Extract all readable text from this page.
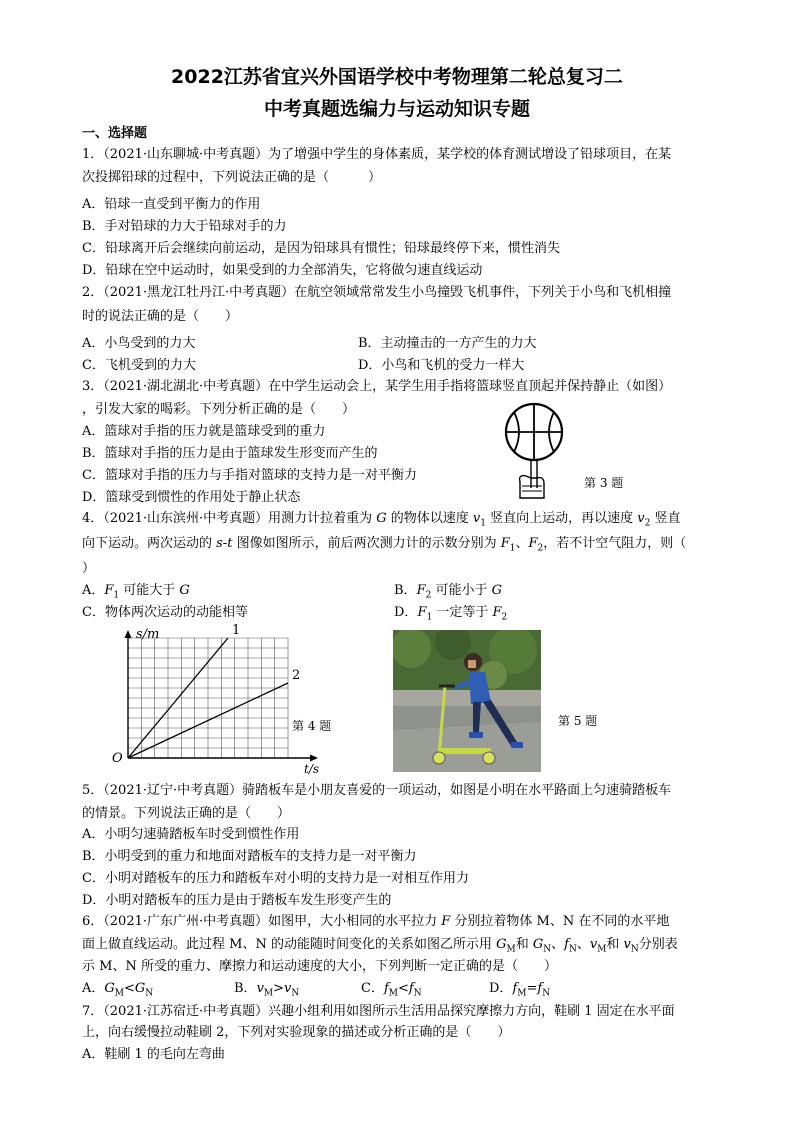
2022江苏省宜兴外国语学校中考物理第二轮总复习二
中考真题选编力与运动知识专题
一、选择题
1．（2021·山东聊城·中考真题）为了增强中学生的身体素质，某学校的体育测试增设了铅球项目，在某
次投掷铅球的过程中，下列说法正确的是（　　　）
A．铅球一直受到平衡力的作用
B．手对铅球的力大于铅球对手的力
C．铅球离开后会继续向前运动，是因为铅球具有惯性；铅球最终停下来，惯性消失
D．铅球在空中运动时，如果受到的力全部消失，它将做匀速直线运动
2．（2021·黑龙江牡丹江·中考真题）在航空领域常常发生小鸟撞毁飞机事件，下列关于小鸟和飞机相撞
时的说法正确的是（　　）
A．小鸟受到的力大	B．主动撞击的一方产生的力大
C．飞机受到的力大	D．小鸟和飞机的受力一样大
3．（2021·湖北湖北·中考真题）在中学生运动会上，某学生用手指将篮球竖直顶起并保持静止（如图）
，引发大家的喝彩。下列分析正确的是（　　）
A．篮球对手指的压力就是篮球受到的重力
B．篮球对手指的压力是由于篮球发生形变而产生的
C．篮球对手指的压力与手指对篮球的支持力是一对平衡力
D．篮球受到惯性的作用处于静止状态
第 3 题
4．（2021·山东滨州·中考真题）用测力计拉着重为 G 的物体以速度 $v_1$ 竖直向上运动，再以速度 $v_2$ 竖直
向下运动。两次运动的 s-t 图像如图所示，前后两次测力计的示数分别为 $F_1$、$F_2$，若不计空气阻力，则（
）
A．$F_1$ 可能大于 G	B．$F_2$ 可能小于 G
C．物体两次运动的动能相等	D．$F_1$ 一定等于 $F_2$
1
2
s/m
t/s
O
第 4 题	第 5 题
5．（2021·辽宁·中考真题）骑踏板车是小朋友喜爱的一项运动，如图是小明在水平路面上匀速骑踏板车
的情景。下列说法正确的是（　　）
A．小明匀速骑踏板车时受到惯性作用
B．小明受到的重力和地面对踏板车的支持力是一对平衡力
C．小明对踏板车的压力和踏板车对小明的支持力是一对相互作用力
D．小明对踏板车的压力是由于踏板车发生形变产生的
6．（2021·广东广州·中考真题）如图甲，大小相同的水平拉力 F 分别拉着物体 M、N 在不同的水平地
面上做直线运动。此过程 M、N 的动能随时间变化的关系如图乙所示用 $G_M$和 $G_N$、$f_N$、$v_M$和 $v_N$分别表
示 M、N 所受的重力、摩擦力和运动速度的大小，下列判断一定正确的是（　　）
A．$G_M<G_N$	B．$v_M>v_N$	C．$f_M<f_N$	D．$f_M=f_N$
7．（2021·江苏宿迁·中考真题）兴趣小组利用如图所示生活用品探究摩擦力方向，鞋刷 1 固定在水平面
上，向右缓慢拉动鞋刷 2，下列对实验现象的描述或分析正确的是（　　）
A．鞋刷 1 的毛向左弯曲
